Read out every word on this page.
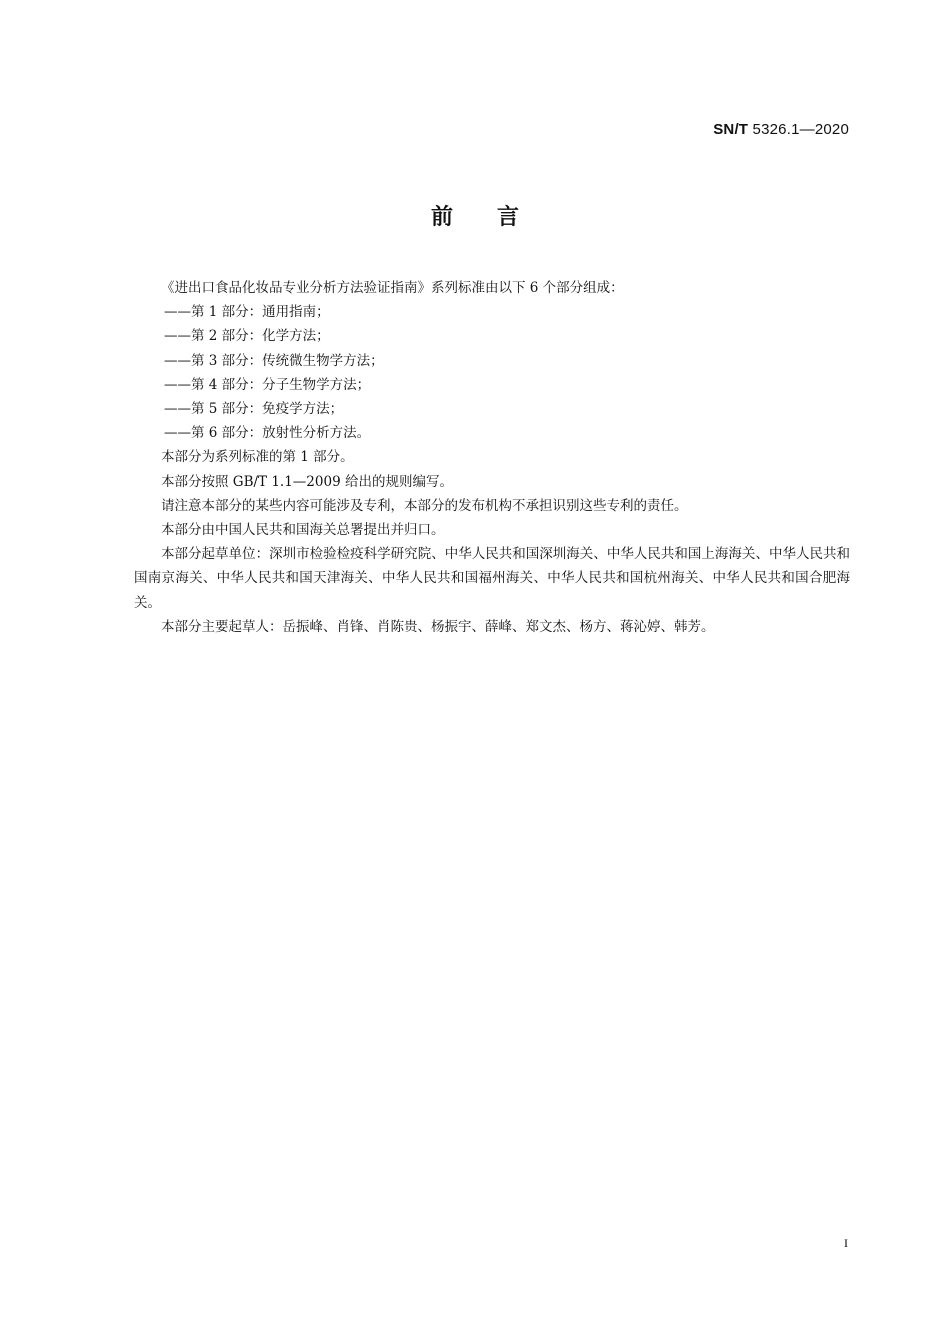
SN/T 5326.1—2020
前 言

《进出口食品化妆品专业分析方法验证指南》系列标准由以下 6 个部分组成：

——第 1 部分：通用指南；

——第 2 部分：化学方法；

——第 3 部分：传统微生物学方法；

——第 4 部分：分子生物学方法；

——第 5 部分：免疫学方法；

——第 6 部分：放射性分析方法。

本部分为系列标准的第 1 部分。

本部分按照 GB/T 1.1—2009 给出的规则编写。

请注意本部分的某些内容可能涉及专利，本部分的发布机构不承担识别这些专利的责任。

本部分由中国人民共和国海关总署提出并归口。

本部分起草单位：深圳市检验检疫科学研究院、中华人民共和国深圳海关、中华人民共和国上海海关、中华人民共和国南京海关、中华人民共和国天津海关、中华人民共和国福州海关、中华人民共和国杭州海关、中华人民共和国合肥海关。

本部分主要起草人：岳振峰、肖锋、肖陈贵、杨振宇、薛峰、郑文杰、杨方、蒋沁婷、韩芳。

I
